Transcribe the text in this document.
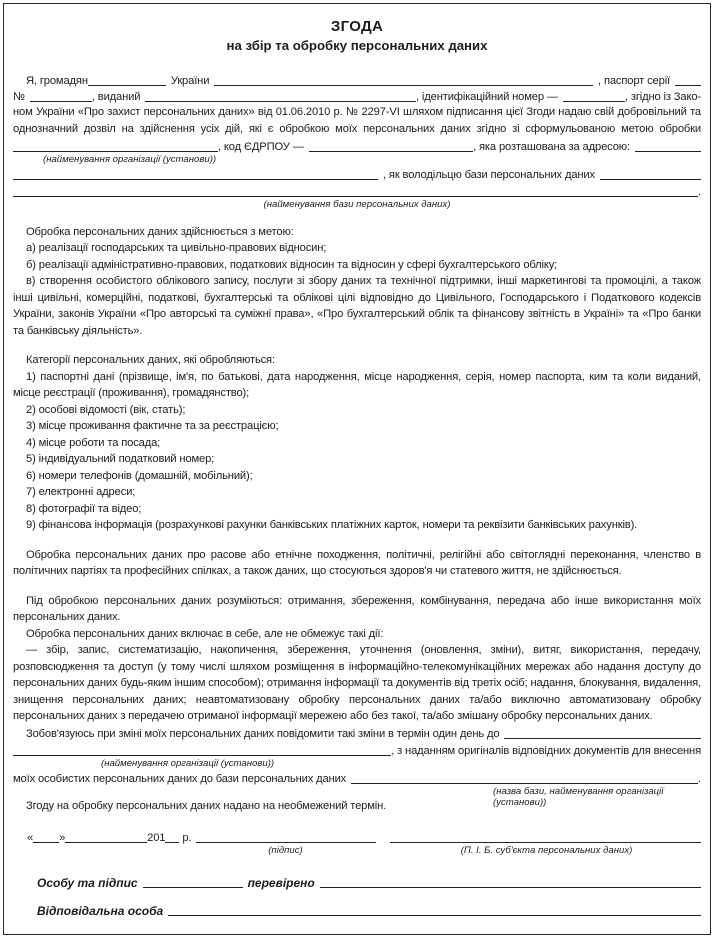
ЗГОДА
на збір та обробку персональних даних
Я, громадян	України	, паспорт серії
№	, виданий	, ідентифікаційний номер —	, згідно із Зако-

ном України «Про захист персональних даних» від 01.06.2010 р. № 2297-VI шляхом підписання цієї Згоди надаю свій добровільний та однозначний дозвіл на здійснення усіх дій, які є обробкою моїх персональних даних згідно зі сформульованою метою обробки

, код ЄДРПОУ —	, яка розташована за адресою:
(найменування організації (установи))
, як володільцю бази персональних даних
.
(найменування бази персональних даних)

Обробка персональних даних здійснюється з метою:

а) реалізації господарських та цивільно-правових відносин;

б) реалізації адміністративно-правових, податкових відносин та відносин у сфері бухгалтерського обліку;

в) створення особистого облікового запису, послуги зі збору даних та технічної підтримки, інші маркетингові та промоцілі, а також інші цивільні, комерційні, податкові, бухгалтерські та облікові цілі відповідно до Цивільного, Господарського і Податкового кодексів України, законів України «Про авторські та суміжні права», «Про бухгалтерський облік та фінансову звітність в Україні» та «Про банки та банківську діяльність».

Категорії персональних даних, які обробляються:

1) паспортні дані (прізвище, ім'я, по батькові, дата народження, місце народження, серія, номер паспорта, ким та коли виданий, місце реєстрації (проживання), громадянство);

2) особові відомості (вік, стать);

3) місце проживання фактичне та за реєстрацією;

4) місце роботи та посада;

5) індивідуальний податковий номер;

6) номери телефонів (домашній, мобільний);

7) електронні адреси;

8) фотографії та відео;

9) фінансова інформація (розрахункові рахунки банківських платіжних карток, номери та реквізити банківських рахунків).

Обробка персональних даних про расове або етнічне походження, політичні, релігійні або світоглядні переконання, членство в політичних партіях та професійних спілках, а також даних, що стосуються здоров'я чи статевого життя, не здійснюється.

Під обробкою персональних даних розуміються: отримання, збереження, комбінування, передача або інше використання моїх персональних даних.

Обробка персональних даних включає в себе, але не обмежує такі дії:

— збір, запис, систематизацію, накопичення, збереження, уточнення (оновлення, зміни), витяг, використання, передачу, розповсюдження та доступ (у тому числі шляхом розміщення в інформаційно-телекомунікаційних мережах або надання доступу до персональних даних будь-яким іншим способом); отримання інформації та документів від третіх осіб; надання, блокування, видалення, знищення персональних даних; неавтоматизовану обробку персональних даних та/або виключно автоматизовану обробку персональних даних з передачею отриманої інформації мережею або без такої, та/або змішану обробку персональних даних.

Зобов'язуюсь при зміні моїх персональних даних повідомити такі зміни в термін один день до
, з наданням оригіналів відповідних документів для внесення
(найменування організації (установи))
моїх особистих персональних даних до бази персональних даних	.
(назва бази, найменування організації (установи))

Згоду на обробку персональних даних надано на необмежений термін.

« »	201 р.
(підпис)	(П. І. Б. суб'єкта персональних даних)
Особу та підпис	перевірено
Відповідальна особа
